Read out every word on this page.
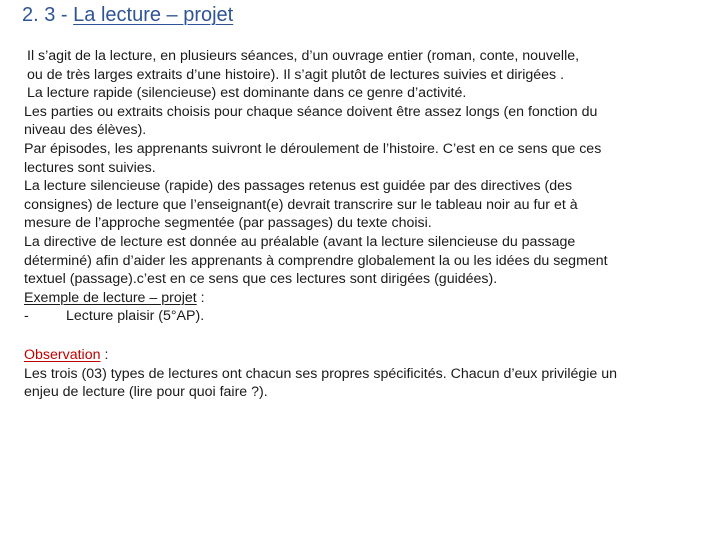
2. 3 - La lecture – projet
Il s’agit de la lecture, en plusieurs séances, d’un ouvrage entier (roman, conte, nouvelle,
ou de très larges extraits d’une histoire). Il s’agit plutôt de lectures suivies et dirigées .
La lecture rapide (silencieuse) est dominante dans ce genre d’activité.
Les parties ou extraits choisis pour chaque séance doivent être assez longs (en fonction du
niveau des élèves).
Par épisodes, les apprenants suivront le déroulement de l’histoire. C’est en ce sens que ces
lectures sont suivies.
La lecture silencieuse (rapide) des passages retenus est guidée par des directives (des
consignes) de lecture que l’enseignant(e) devrait transcrire sur le tableau noir au fur et à
mesure de l’approche segmentée (par passages) du texte choisi.
La directive de lecture est donnée au préalable (avant la lecture silencieuse du passage
déterminé) afin d’aider les apprenants à comprendre globalement la ou les idées du segment
textuel (passage).c’est en ce sens que ces lectures sont dirigées (guidées).
Exemple de lecture – projet :
-	Lecture plaisir (5°AP).
Observation :
Les trois (03) types de lectures ont chacun ses propres spécificités. Chacun d’eux privilégie un
enjeu de lecture (lire pour quoi faire ?).
